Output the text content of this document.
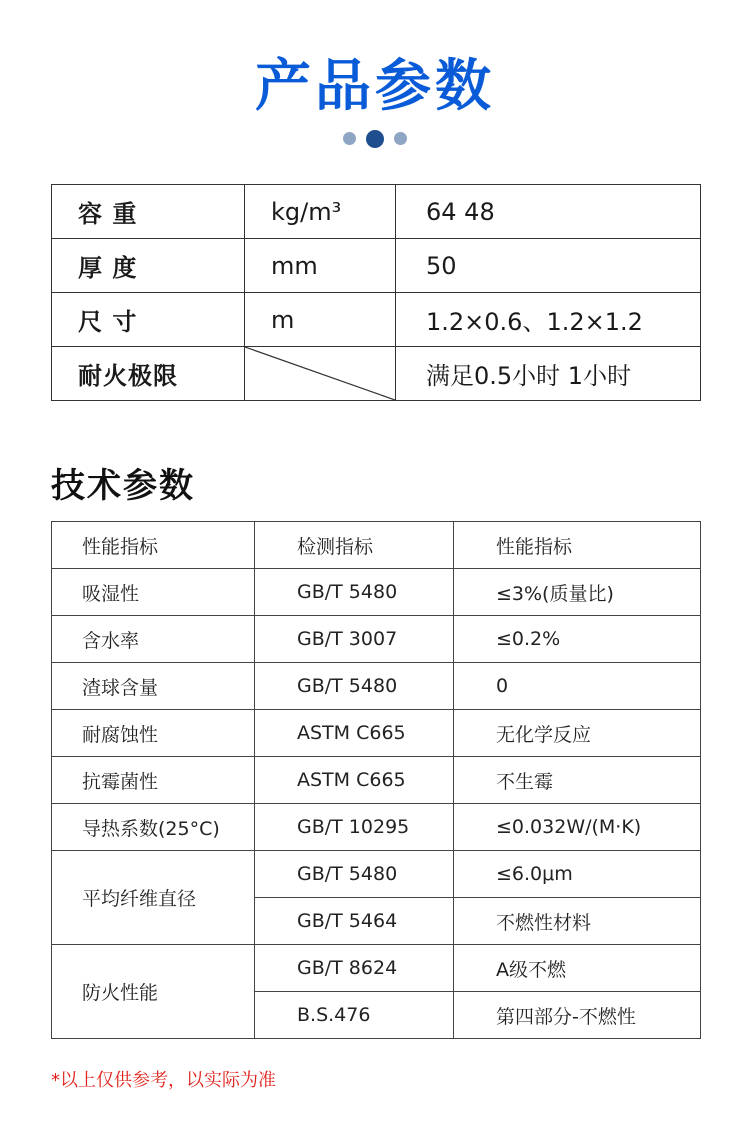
产品参数
容 重	kg/m³	64 48
厚 度	mm	50
尺 寸	m	1.2×0.6、1.2×1.2
耐火极限		满足0.5小时 1小时
技术参数
性能指标	检测指标	性能指标
吸湿性	GB/T 5480	≤3%(质量比)
含水率	GB/T 3007	≤0.2%
渣球含量	GB/T 5480	0
耐腐蚀性	ASTM C665	无化学反应
抗霉菌性	ASTM C665	不生霉
导热系数(25°C)	GB/T 10295	≤0.032W/(M·K)
平均纤维直径	GB/T 5480	≤6.0μm
	GB/T 5464	不燃性材料
防火性能	GB/T 8624	A级不燃
	B.S.476	第四部分-不燃性
*以上仅供参考，以实际为准
